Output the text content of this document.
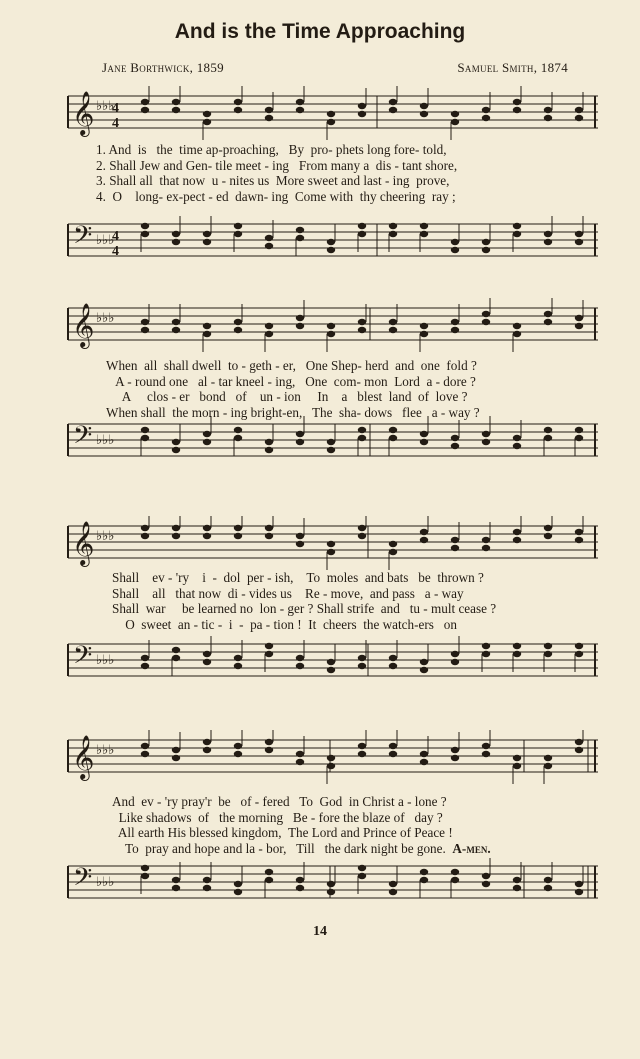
And is the Time Approaching
Jane Borthwick, 1859	Samuel Smith, 1874
𝄞 ♭♭♭
4
4
𝄢 ♭♭♭
4
4
1. And  is   the  time ap-proaching,   By  pro- phets long fore- told,
2. Shall Jew and Gen- tile meet - ing   From many a  dis - tant shore,
3. Shall all  that now  u - nites us  More sweet and last - ing  prove,
4.  O    long- ex-pect - ed  dawn- ing  Come with  thy cheering  ray ;
𝄞 ♭♭♭
𝄢 ♭♭♭
When  all  shall dwell  to - geth - er,   One Shep- herd  and  one  fold ?
A - round one   al - tar kneel - ing,   One  com- mon  Lord  a - dore ?
A     clos - er   bond   of    un - ion     In    a   blest  land  of  love ?
When shall  the morn - ing bright-en,   The  sha- dows   flee   a - way ?
𝄞 ♭♭♭
𝄢 ♭♭♭
Shall    ev - 'ry    i  -  dol  per - ish,    To  moles  and bats   be  thrown ?
Shall    all   that now  di - vides us    Re - move,  and pass   a - way
Shall  war     be learned no  lon - ger ? Shall strife  and   tu - mult cease ?
O  sweet  an - tic -  i  -  pa - tion !  It  cheers  the watch-ers   on
𝄞 ♭♭♭
𝄢 ♭♭♭
And  ev - 'ry pray'r  be   of - fered   To  God  in Christ a - lone ?
Like shadows  of   the morning   Be - fore the blaze of   day ?
All earth His blessed kingdom,  The Lord and Prince of Peace !
To  pray and hope and la - bor,   Till   the dark night be gone. A-men.
14
